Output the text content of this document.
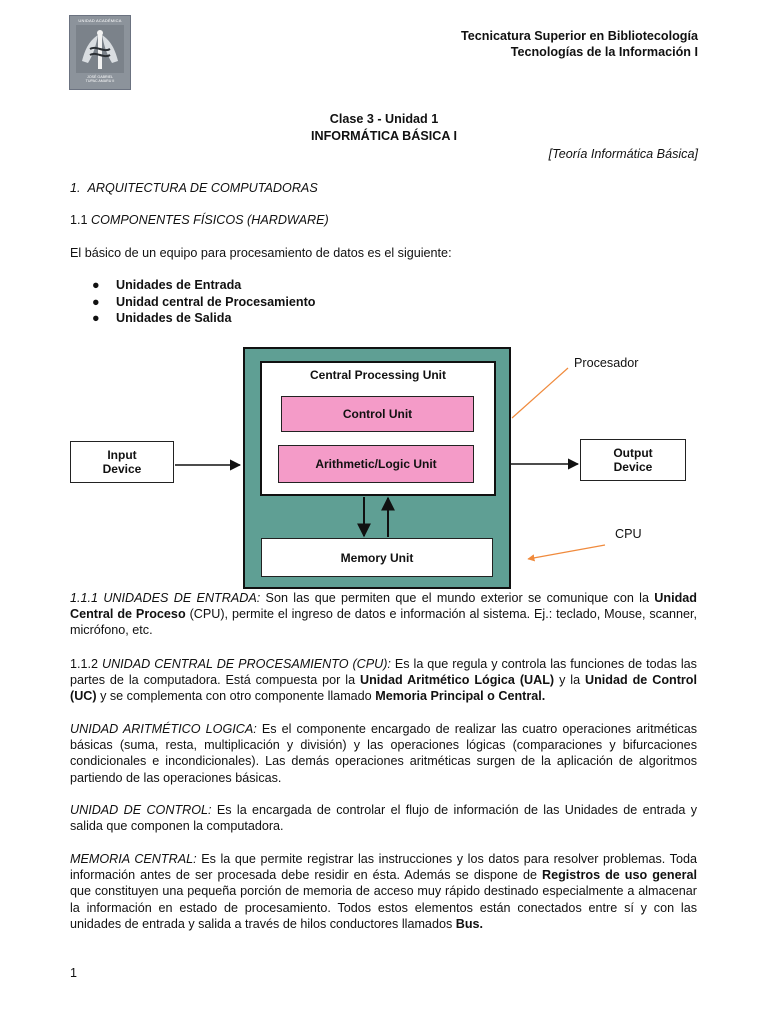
UNIDAD ACADÉMICA
JOSÉ GABRIEL
TUPAC AMARU II
Tecnicatura Superior en Bibliotecología
Tecnologías de la Información I
Clase 3 - Unidad 1
INFORMÁTICA BÁSICA I
[Teoría Informática Básica]
1. ARQUITECTURA DE COMPUTADORAS
1.1 COMPONENTES FÍSICOS (HARDWARE)
El básico de un equipo para procesamiento de datos es el siguiente:
● Unidades de Entrada
● Unidad central de Procesamiento
● Unidades de Salida
Central Processing Unit
Control Unit
Arithmetic/Logic Unit
Memory Unit
Input
Device
Output
Device
Procesador
CPU
1.1.1 UNIDADES DE ENTRADA: Son las que permiten que el mundo exterior se comunique con la Unidad Central de Proceso (CPU), permite el ingreso de datos e información al sistema. Ej.: teclado, Mouse, scanner, micrófono, etc.
1.1.2 UNIDAD CENTRAL DE PROCESAMIENTO (CPU): Es la que regula y controla las funciones de todas las partes de la computadora. Está compuesta por la Unidad Aritmético Lógica (UAL) y la Unidad de Control (UC) y se complementa con otro componente llamado Memoria Principal o Central.
UNIDAD ARITMÉTICO LOGICA: Es el componente encargado de realizar las cuatro operaciones aritméticas básicas (suma, resta, multiplicación y división) y las operaciones lógicas (comparaciones y bifurcaciones condicionales e incondicionales). Las demás operaciones aritméticas surgen de la aplicación de algoritmos partiendo de las operaciones básicas.
UNIDAD DE CONTROL: Es la encargada de controlar el flujo de información de las Unidades de entrada y salida que componen la computadora.
MEMORIA CENTRAL: Es la que permite registrar las instrucciones y los datos para resolver problemas. Toda información antes de ser procesada debe residir en ésta. Además se dispone de Registros de uso general que constituyen una pequeña porción de memoria de acceso muy rápido destinado especialmente a almacenar la información en estado de procesamiento. Todos estos elementos están conectados entre sí y con las unidades de entrada y salida a través de hilos conductores llamados Bus.
1
